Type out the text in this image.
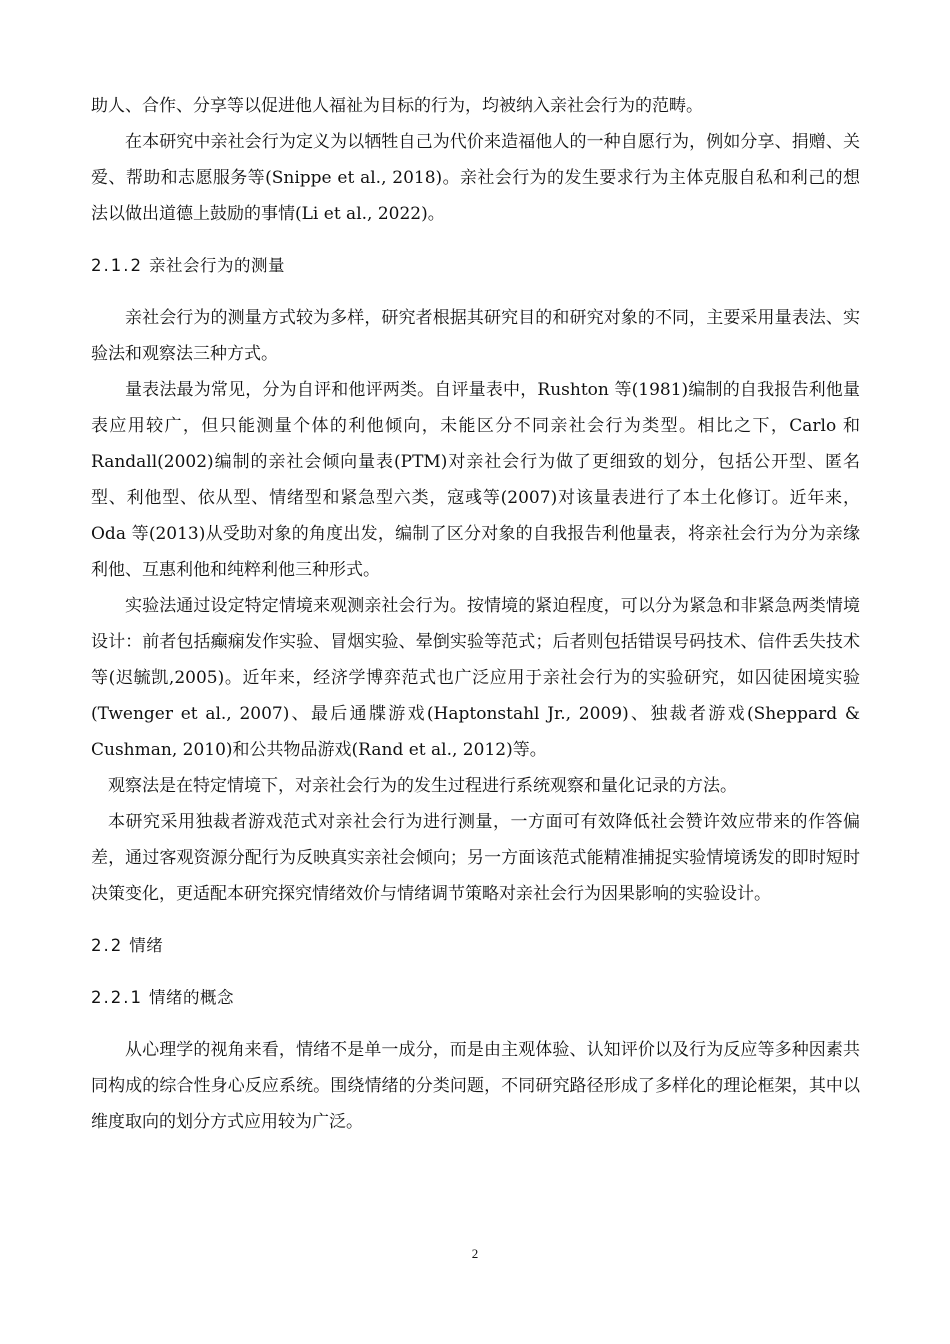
助人、合作、分享等以促进他人福祉为目标的行为，均被纳入亲社会行为的范畴。

在本研究中亲社会行为定义为以牺牲自己为代价来造福他人的一种自愿行为，例如分享、捐赠、关爱、帮助和志愿服务等(Snippe et al., 2018)。亲社会行为的发生要求行为主体克服自私和利己的想法以做出道德上鼓励的事情(Li et al., 2022)。

2.1.2 亲社会行为的测量

亲社会行为的测量方式较为多样，研究者根据其研究目的和研究对象的不同，主要采用量表法、实验法和观察法三种方式。

量表法最为常见，分为自评和他评两类。自评量表中，Rushton 等(1981)编制的自我报告利他量表应用较广，但只能测量个体的利他倾向，未能区分不同亲社会行为类型。相比之下，Carlo 和 Randall(2002)编制的亲社会倾向量表(PTM)对亲社会行为做了更细致的划分，包括公开型、匿名型、利他型、依从型、情绪型和紧急型六类，寇彧等(2007)对该量表进行了本土化修订。近年来，Oda 等(2013)从受助对象的角度出发，编制了区分对象的自我报告利他量表，将亲社会行为分为亲缘利他、互惠利他和纯粹利他三种形式。

实验法通过设定特定情境来观测亲社会行为。按情境的紧迫程度，可以分为紧急和非紧急两类情境设计：前者包括癫痫发作实验、冒烟实验、晕倒实验等范式；后者则包括错误号码技术、信件丢失技术等(迟毓凯,2005)。近年来，经济学博弈范式也广泛应用于亲社会行为的实验研究，如囚徒困境实验(Twenger et al., 2007)、最后通牒游戏(Haptonstahl Jr., 2009)、独裁者游戏(Sheppard & Cushman, 2010)和公共物品游戏(Rand et al., 2012)等。

观察法是在特定情境下，对亲社会行为的发生过程进行系统观察和量化记录的方法。

本研究采用独裁者游戏范式对亲社会行为进行测量，一方面可有效降低社会赞许效应带来的作答偏差，通过客观资源分配行为反映真实亲社会倾向；另一方面该范式能精准捕捉实验情境诱发的即时短时决策变化，更适配本研究探究情绪效价与情绪调节策略对亲社会行为因果影响的实验设计。

2.2 情绪

2.2.1 情绪的概念

从心理学的视角来看，情绪不是单一成分，而是由主观体验、认知评价以及行为反应等多种因素共同构成的综合性身心反应系统。围绕情绪的分类问题，不同研究路径形成了多样化的理论框架，其中以维度取向的划分方式应用较为广泛。

2
